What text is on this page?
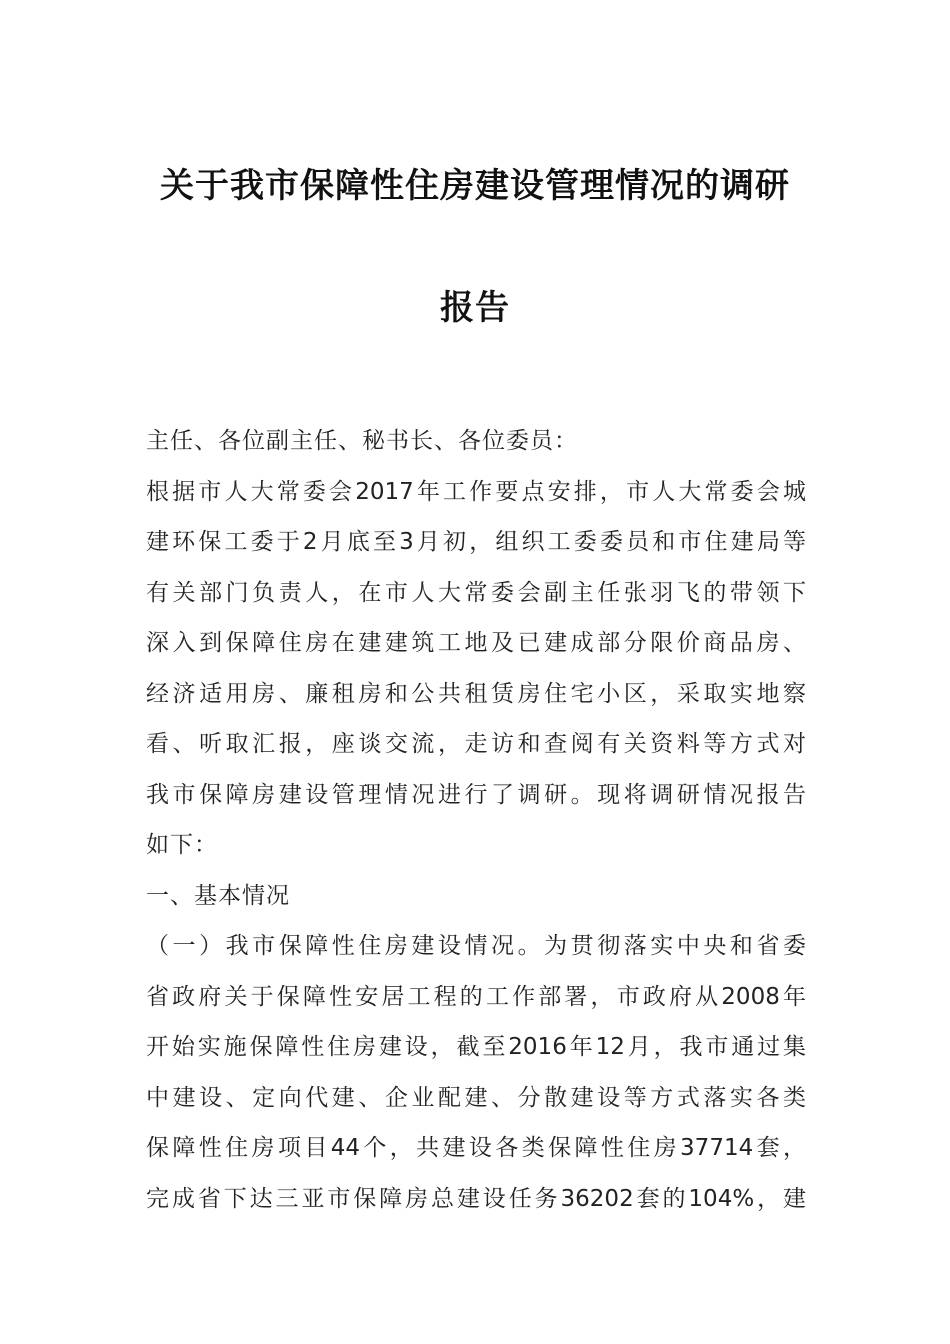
关于我市保障性住房建设管理情况的调研
报告
主任、各位副主任、秘书长、各位委员：
根据市人大常委会2017年工作要点安排，市人大常委会城
建环保工委于2月底至3月初，组织工委委员和市住建局等
有关部门负责人，在市人大常委会副主任张羽飞的带领下
深入到保障住房在建建筑工地及已建成部分限价商品房、
经济适用房、廉租房和公共租赁房住宅小区，采取实地察
看、听取汇报，座谈交流，走访和查阅有关资料等方式对
我市保障房建设管理情况进行了调研。现将调研情况报告
如下：
一、基本情况
（一）我市保障性住房建设情况。为贯彻落实中央和省委
省政府关于保障性安居工程的工作部署，市政府从2008年
开始实施保障性住房建设，截至2016年12月，我市通过集
中建设、定向代建、企业配建、分散建设等方式落实各类
保障性住房项目44个，共建设各类保障性住房37714套，
完成省下达三亚市保障房总建设任务36202套的104%，建
